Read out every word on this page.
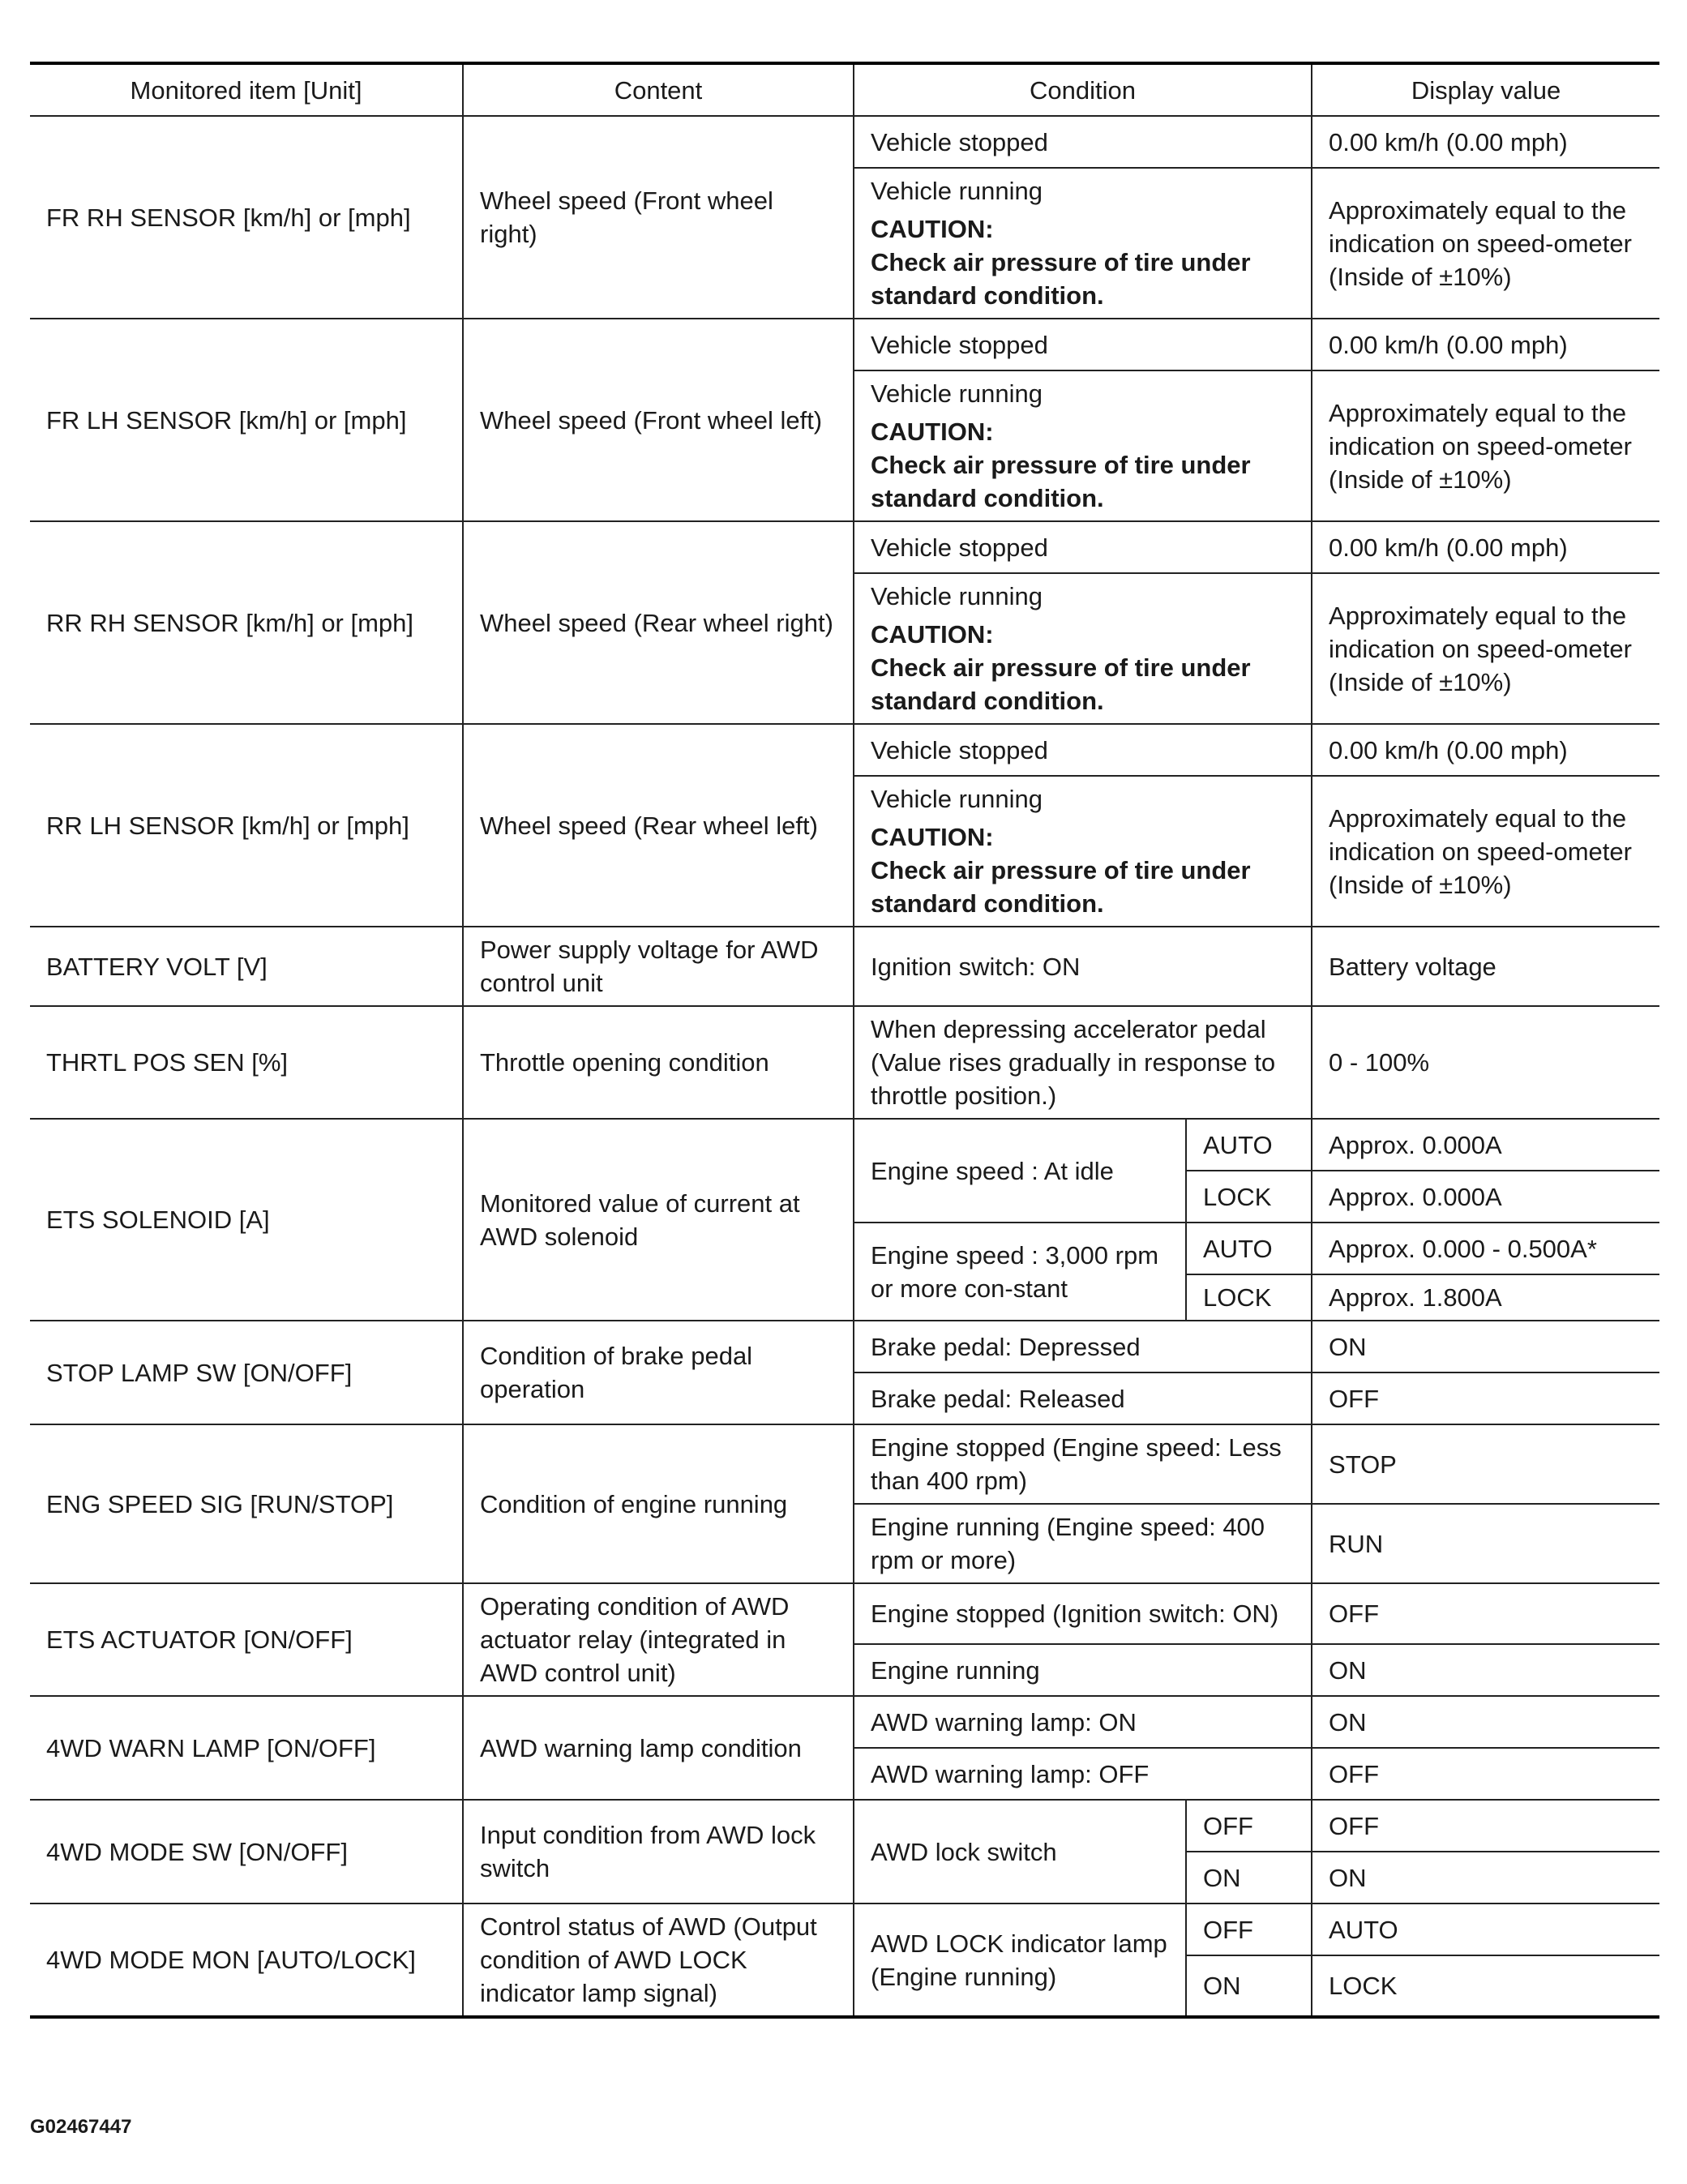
Monitored item [Unit]	Content	Condition		Display value
FR RH SENSOR [km/h] or [mph]	Wheel speed (Front wheel right)	Vehicle stopped		0.00 km/h (0.00 mph)

		Vehicle running
CAUTION:
Check air pressure of tire under standard condition.		Approximately equal to the indication on speed-ometer (Inside of ±10%)
FR LH SENSOR [km/h] or [mph]	Wheel speed (Front wheel left)	Vehicle stopped		0.00 km/h (0.00 mph)

		Vehicle running
CAUTION:
Check air pressure of tire under standard condition.		Approximately equal to the indication on speed-ometer (Inside of ±10%)
RR RH SENSOR [km/h] or [mph]	Wheel speed (Rear wheel right)	Vehicle stopped		0.00 km/h (0.00 mph)

		Vehicle running
CAUTION:
Check air pressure of tire under standard condition.		Approximately equal to the indication on speed-ometer (Inside of ±10%)
RR LH SENSOR [km/h] or [mph]	Wheel speed (Rear wheel left)	Vehicle stopped		0.00 km/h (0.00 mph)

		Vehicle running
CAUTION:
Check air pressure of tire under standard condition.		Approximately equal to the indication on speed-ometer (Inside of ±10%)
BATTERY VOLT [V]	Power supply voltage for AWD control unit	Ignition switch: ON		Battery voltage
THRTL POS SEN [%]	Throttle opening condition	When depressing accelerator pedal (Value rises gradually in response to throttle position.)		0 - 100%
ETS SOLENOID [A]	Monitored value of current at AWD solenoid	Engine speed : At idle	AUTO	Approx. 0.000A
			LOCK	Approx. 0.000A
		Engine speed : 3,000 rpm or more con-stant	AUTO	Approx. 0.000 - 0.500A*
			LOCK	Approx. 1.800A
STOP LAMP SW [ON/OFF]	Condition of brake pedal operation	Brake pedal: Depressed		ON
		Brake pedal: Released		OFF
ENG SPEED SIG [RUN/STOP]	Condition of engine running	Engine stopped (Engine speed: Less than 400 rpm)		STOP
		Engine running (Engine speed: 400 rpm or more)		RUN
ETS ACTUATOR [ON/OFF]	Operating condition of AWD actuator relay (integrated in AWD control unit)	Engine stopped (Ignition switch: ON)		OFF
		Engine running		ON
4WD WARN LAMP [ON/OFF]	AWD warning lamp condition	AWD warning lamp: ON		ON
		AWD warning lamp: OFF		OFF
4WD MODE SW [ON/OFF]	Input condition from AWD lock switch	AWD lock switch	OFF	OFF
			ON	ON
4WD MODE MON [AUTO/LOCK]	Control status of AWD (Output condition of AWD LOCK indicator lamp signal)	AWD LOCK indicator lamp (Engine running)	OFF	AUTO
			ON	LOCK
G02467447
